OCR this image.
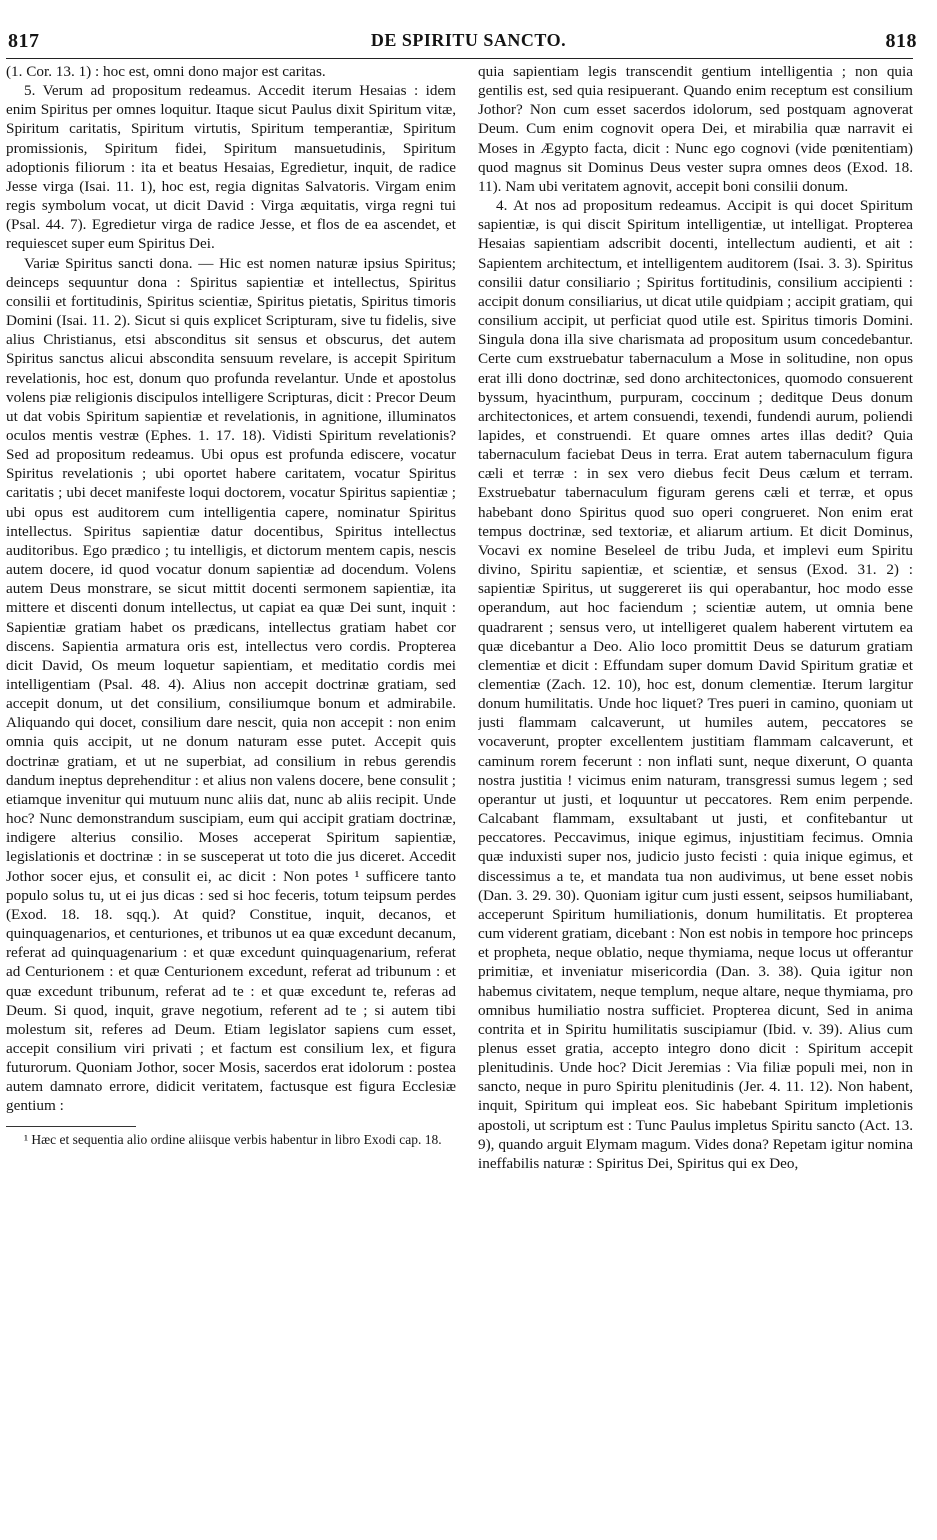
817	DE SPIRITU SANCTO.	818

(1. Cor. 13. 1) : hoc est, omni dono major est caritas.

5. Verum ad propositum redeamus. Accedit iterum Hesaias : idem enim Spiritus per omnes loquitur. Itaque sicut Paulus dixit Spiritum vitæ, Spiritum caritatis, Spiritum virtutis, Spiritum temperantiæ, Spiritum promissionis, Spiritum fidei, Spiritum mansuetudinis, Spiritum adoptionis filiorum : ita et beatus Hesaias, Egredietur, inquit, de radice Jesse virga (Isai. 11. 1), hoc est, regia dignitas Salvatoris. Virgam enim regis symbolum vocat, ut dicit David : Virga æquitatis, virga regni tui (Psal. 44. 7). Egredietur virga de radice Jesse, et flos de ea ascendet, et requiescet super eum Spiritus Dei.

Variæ Spiritus sancti dona. — Hic est nomen naturæ ipsius Spiritus; deinceps sequuntur dona : Spiritus sapientiæ et intellectus, Spiritus consilii et fortitudinis, Spiritus scientiæ, Spiritus pietatis, Spiritus timoris Domini (Isai. 11. 2). Sicut si quis explicet Scripturam, sive tu fidelis, sive alius Christianus, etsi absconditus sit sensus et obscurus, det autem Spiritus sanctus alicui abscondita sensuum revelare, is accepit Spiritum revelationis, hoc est, donum quo profunda revelantur. Unde et apostolus volens piæ religionis discipulos intelligere Scripturas, dicit : Precor Deum ut dat vobis Spiritum sapientiæ et revelationis, in agnitione, illuminatos oculos mentis vestræ (Ephes. 1. 17. 18). Vidisti Spiritum revelationis? Sed ad propositum redeamus. Ubi opus est profunda ediscere, vocatur Spiritus revelationis ; ubi oportet habere caritatem, vocatur Spiritus caritatis ; ubi decet manifeste loqui doctorem, vocatur Spiritus sapientiæ ; ubi opus est auditorem cum intelligentia capere, nominatur Spiritus intellectus. Spiritus sapientiæ datur docentibus, Spiritus intellectus auditoribus. Ego prædico ; tu intelligis, et dictorum mentem capis, nescis autem docere, id quod vocatur donum sapientiæ ad docendum. Volens autem Deus monstrare, se sicut mittit docenti sermonem sapientiæ, ita mittere et discenti donum intellectus, ut capiat ea quæ Dei sunt, inquit : Sapientiæ gratiam habet os prædicans, intellectus gratiam habet cor discens. Sapientia armatura oris est, intellectus vero cordis. Propterea dicit David, Os meum loquetur sapientiam, et meditatio cordis mei intelligentiam (Psal. 48. 4). Alius non accepit doctrinæ gratiam, sed accepit donum, ut det consilium, consiliumque bonum et admirabile. Aliquando qui docet, consilium dare nescit, quia non accepit : non enim omnia quis accipit, ut ne donum naturam esse putet. Accepit quis doctrinæ gratiam, et ut ne superbiat, ad consilium in rebus gerendis dandum ineptus deprehenditur : et alius non valens docere, bene consulit ; etiamque invenitur qui mutuum nunc aliis dat, nunc ab aliis recipit. Unde hoc? Nunc demonstrandum suscipiam, eum qui accipit gratiam doctrinæ, indigere alterius consilio. Moses acceperat Spiritum sapientiæ, legislationis et doctrinæ : in se susceperat ut toto die jus diceret. Accedit Jothor socer ejus, et consulit ei, ac dicit : Non potes ¹ sufficere tanto populo solus tu, ut ei jus dicas : sed si hoc feceris, totum teipsum perdes (Exod. 18. 18. sqq.). At quid? Constitue, inquit, decanos, et quinquagenarios, et centuriones, et tribunos ut ea quæ excedunt decanum, referat ad quinquagenarium : et quæ excedunt quinquagenarium, referat ad Centurionem : et quæ Centurionem excedunt, referat ad tribunum : et quæ excedunt tribunum, referat ad te : et quæ excedunt te, referas ad Deum. Si quod, inquit, grave negotium, referent ad te ; si autem tibi molestum sit, referes ad Deum. Etiam legislator sapiens cum esset, accepit consilium viri privati ; et factum est consilium lex, et figura futurorum. Quoniam Jothor, socer Mosis, sacerdos erat idolorum : postea autem damnato errore, didicit veritatem, factusque est figura Ecclesiæ gentium :

¹ Hæc et sequentia alio ordine aliisque verbis habentur in libro Exodi cap. 18.

quia sapientiam legis transcendit gentium intelligentia ; non quia gentilis est, sed quia resipuerant. Quando enim receptum est consilium Jothor? Non cum esset sacerdos idolorum, sed postquam agnoverat Deum. Cum enim cognovit opera Dei, et mirabilia quæ narravit ei Moses in Ægypto facta, dicit : Nunc ego cognovi (vide pœnitentiam) quod magnus sit Dominus Deus vester supra omnes deos (Exod. 18. 11). Nam ubi veritatem agnovit, accepit boni consilii donum.

4. At nos ad propositum redeamus. Accipit is qui docet Spiritum sapientiæ, is qui discit Spiritum intelligentiæ, ut intelligat. Propterea Hesaias sapientiam adscribit docenti, intellectum audienti, et ait : Sapientem architectum, et intelligentem auditorem (Isai. 3. 3). Spiritus consilii datur consiliario ; Spiritus fortitudinis, consilium accipienti : accipit donum consiliarius, ut dicat utile quidpiam ; accipit gratiam, qui consilium accipit, ut perficiat quod utile est. Spiritus timoris Domini. Singula dona illa sive charismata ad propositum usum concedebantur. Certe cum exstruebatur tabernaculum a Mose in solitudine, non opus erat illi dono doctrinæ, sed dono architectonices, quomodo consuerent byssum, hyacinthum, purpuram, coccinum ; deditque Deus donum architectonices, et artem consuendi, texendi, fundendi aurum, poliendi lapides, et construendi. Et quare omnes artes illas dedit? Quia tabernaculum faciebat Deus in terra. Erat autem tabernaculum figura cæli et terræ : in sex vero diebus fecit Deus cælum et terram. Exstruebatur tabernaculum figuram gerens cæli et terræ, et opus habebant dono Spiritus quod suo operi congrueret. Non enim erat tempus doctrinæ, sed textoriæ, et aliarum artium. Et dicit Dominus, Vocavi ex nomine Beseleel de tribu Juda, et implevi eum Spiritu divino, Spiritu sapientiæ, et scientiæ, et sensus (Exod. 31. 2) : sapientiæ Spiritus, ut suggereret iis qui operabantur, hoc modo esse operandum, aut hoc faciendum ; scientiæ autem, ut omnia bene quadrarent ; sensus vero, ut intelligeret qualem haberent virtutem ea quæ dicebantur a Deo. Alio loco promittit Deus se daturum gratiam clementiæ et dicit : Effundam super domum David Spiritum gratiæ et clementiæ (Zach. 12. 10), hoc est, donum clementiæ. Iterum largitur donum humilitatis. Unde hoc liquet? Tres pueri in camino, quoniam ut justi flammam calcaverunt, ut humiles autem, peccatores se vocaverunt, propter excellentem justitiam flammam calcaverunt, et caminum rorem fecerunt : non inflati sunt, neque dixerunt, O quanta nostra justitia ! vicimus enim naturam, transgressi sumus legem ; sed operantur ut justi, et loquuntur ut peccatores. Rem enim perpende. Calcabant flammam, exsultabant ut justi, et confitebantur ut peccatores. Peccavimus, inique egimus, injustitiam fecimus. Omnia quæ induxisti super nos, judicio justo fecisti : quia inique egimus, et discessimus a te, et mandata tua non audivimus, ut bene esset nobis (Dan. 3. 29. 30). Quoniam igitur cum justi essent, seipsos humiliabant, acceperunt Spiritum humiliationis, donum humilitatis. Et propterea cum viderent gratiam, dicebant : Non est nobis in tempore hoc princeps et propheta, neque oblatio, neque thymiama, neque locus ut offerantur primitiæ, et inveniatur misericordia (Dan. 3. 38). Quia igitur non habemus civitatem, neque templum, neque altare, neque thymiama, pro omnibus humiliatio nostra sufficiet. Propterea dicunt, Sed in anima contrita et in Spiritu humilitatis suscipiamur (Ibid. v. 39). Alius cum plenus esset gratia, accepto integro dono dicit : Spiritum accepit plenitudinis. Unde hoc? Dicit Jeremias : Via filiæ populi mei, non in sancto, neque in puro Spiritu plenitudinis (Jer. 4. 11. 12). Non habent, inquit, Spiritum qui impleat eos. Sic habebant Spiritum impletionis apostoli, ut scriptum est : Tunc Paulus impletus Spiritu sancto (Act. 13. 9), quando arguit Elymam magum. Vides dona? Repetam igitur nomina ineffabilis naturæ : Spiritus Dei, Spiritus qui ex Deo,
